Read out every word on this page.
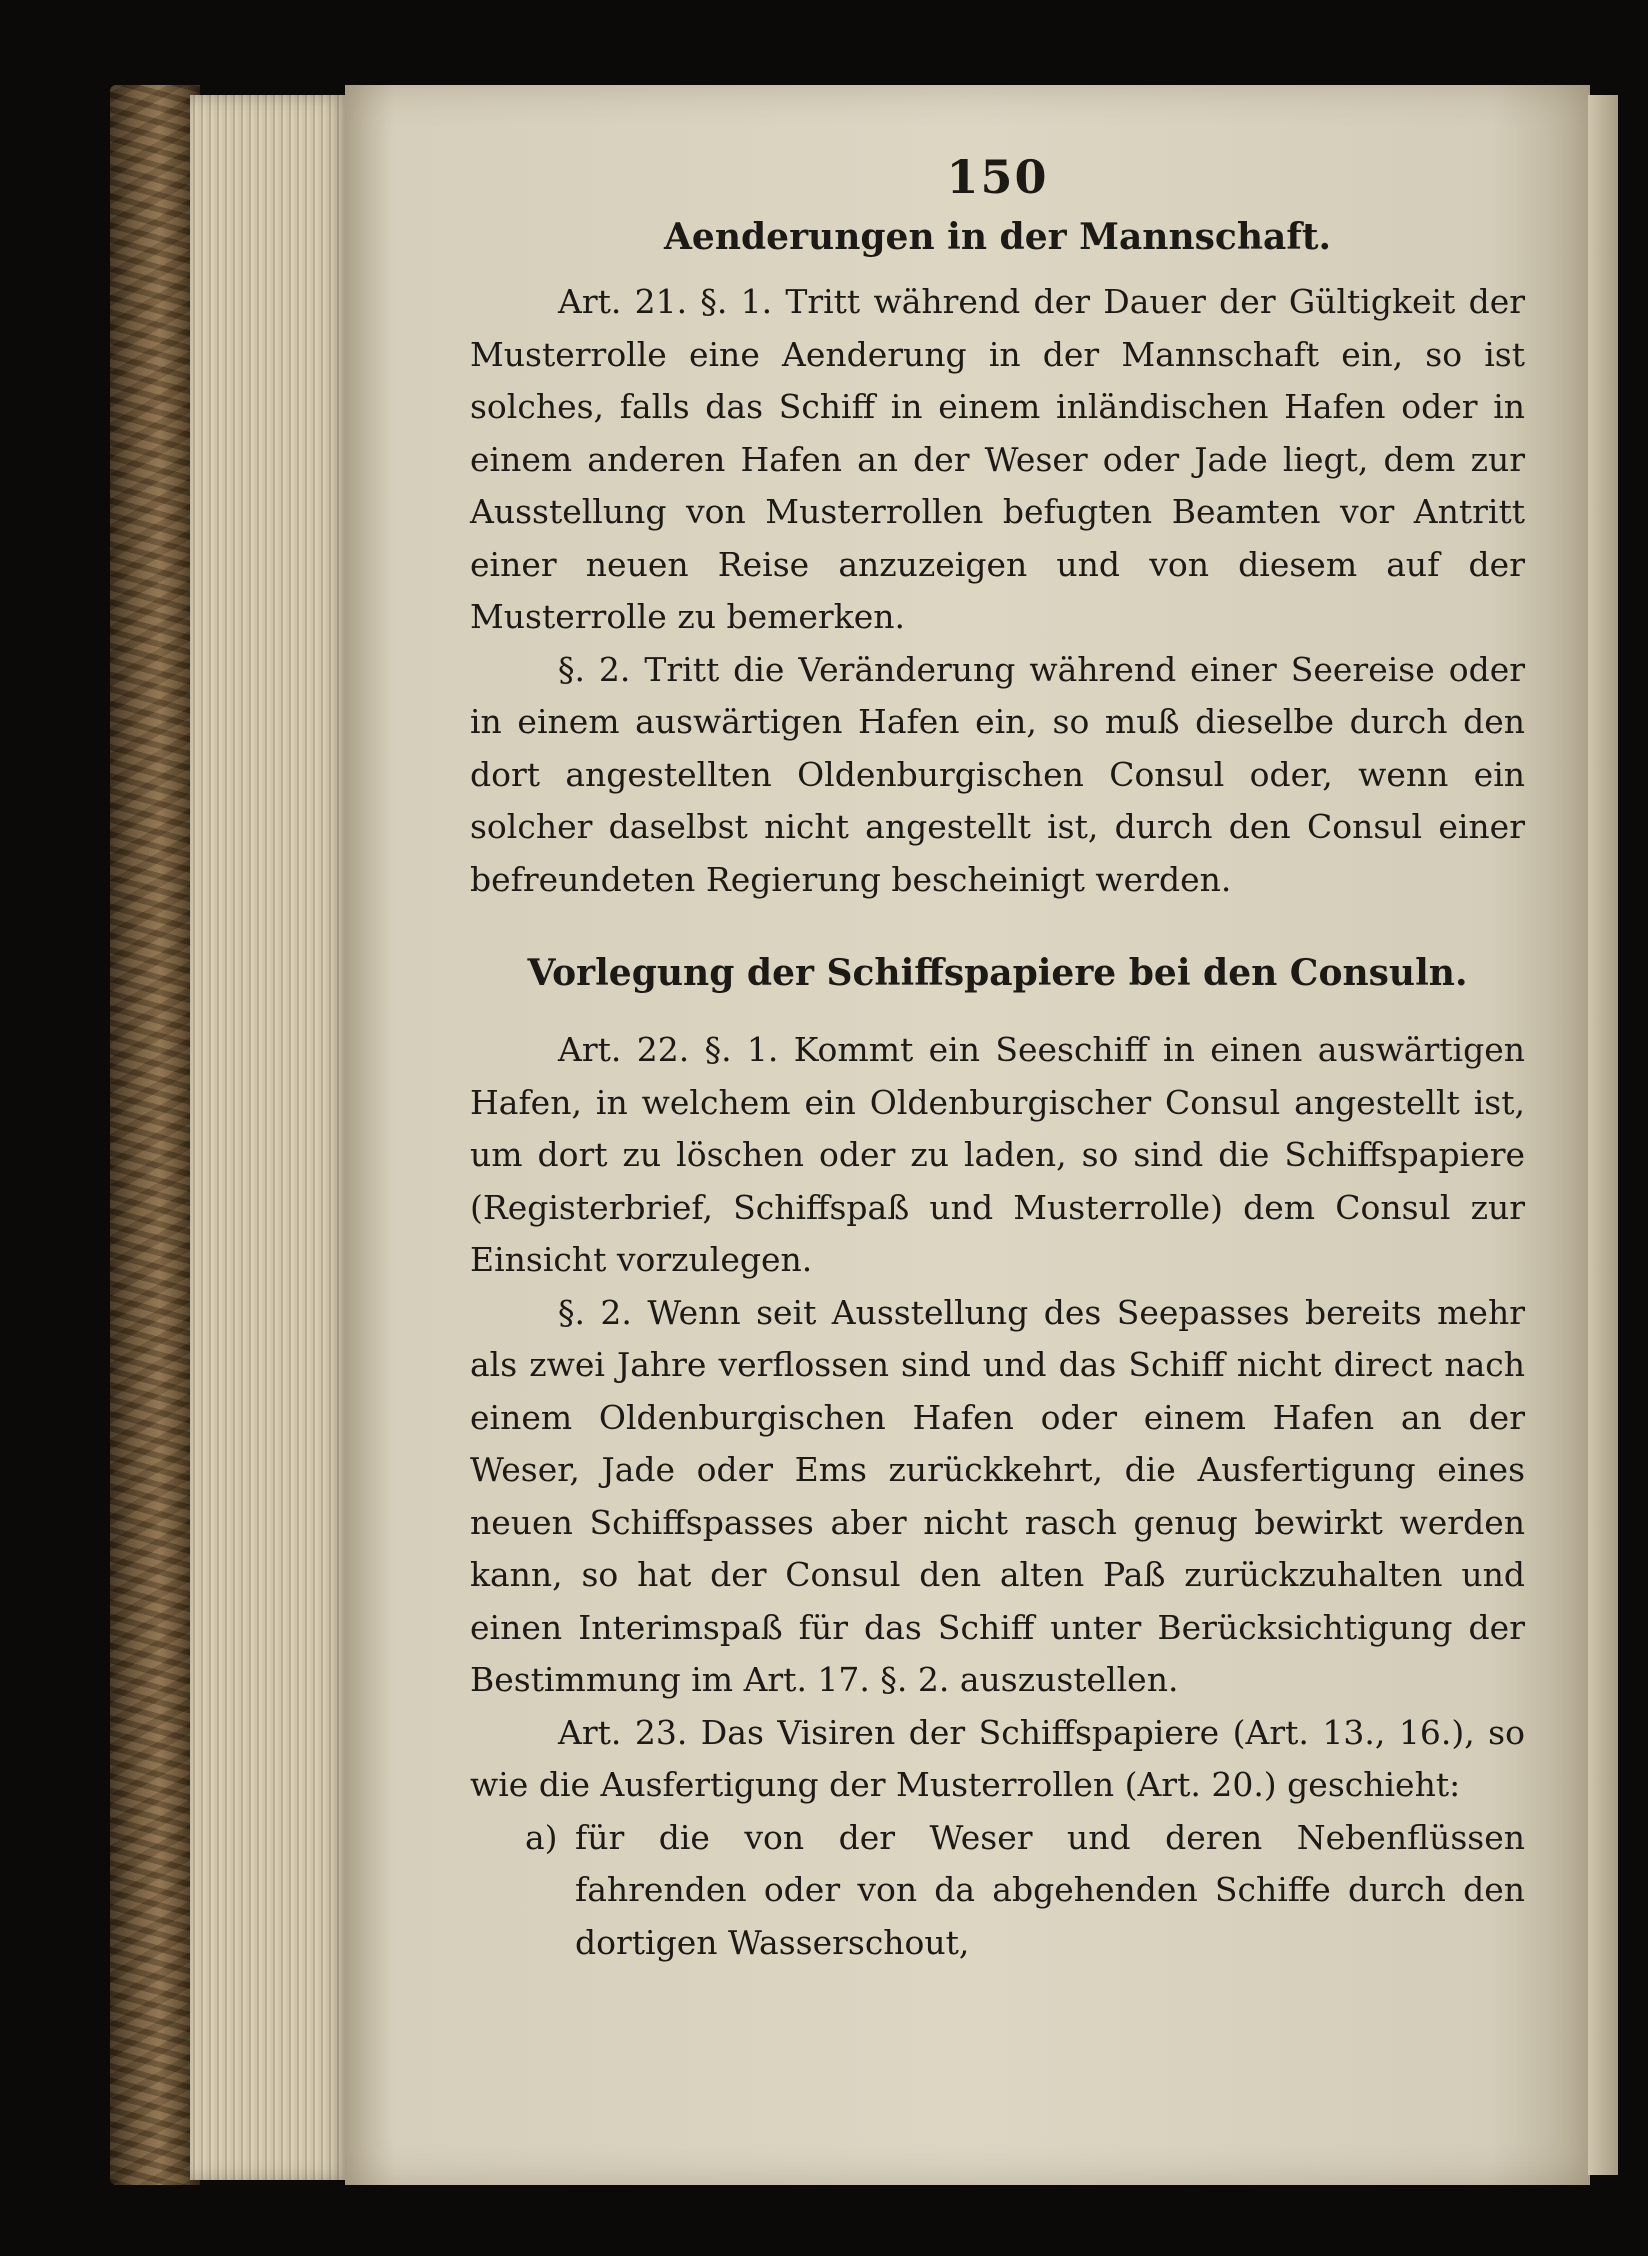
150
Aenderungen in der Mannschaft.

Art. 21. §. 1. Tritt während der Dauer der Gültigkeit der Musterrolle eine Aenderung in der Mannschaft ein, so ist solches, falls das Schiff in einem inländischen Hafen oder in einem anderen Hafen an der Weser oder Jade liegt, dem zur Ausstellung von Musterrollen befugten Beamten vor Antritt einer neuen Reise anzuzeigen und von diesem auf der Musterrolle zu bemerken.

§. 2. Tritt die Veränderung während einer Seereise oder in einem auswärtigen Hafen ein, so muß dieselbe durch den dort angestellten Oldenburgischen Consul oder, wenn ein solcher daselbst nicht angestellt ist, durch den Consul einer befreundeten Regierung bescheinigt werden.

Vorlegung der Schiffspapiere bei den Consuln.

Art. 22. §. 1. Kommt ein Seeschiff in einen auswärtigen Hafen, in welchem ein Oldenburgischer Consul angestellt ist, um dort zu löschen oder zu laden, so sind die Schiffspapiere (Registerbrief, Schiffspaß und Musterrolle) dem Consul zur Einsicht vorzulegen.

§. 2. Wenn seit Ausstellung des Seepasses bereits mehr als zwei Jahre verflossen sind und das Schiff nicht direct nach einem Oldenburgischen Hafen oder einem Hafen an der Weser, Jade oder Ems zurückkehrt, die Ausfertigung eines neuen Schiffspasses aber nicht rasch genug bewirkt werden kann, so hat der Consul den alten Paß zurückzuhalten und einen Interimspaß für das Schiff unter Berücksichtigung der Bestimmung im Art. 17. §. 2. auszustellen.

Art. 23. Das Visiren der Schiffspapiere (Art. 13., 16.), so wie die Ausfertigung der Musterrollen (Art. 20.) geschieht:

a) für die von der Weser und deren Nebenflüssen fahrenden oder von da abgehenden Schiffe durch den dortigen Wasserschout,
